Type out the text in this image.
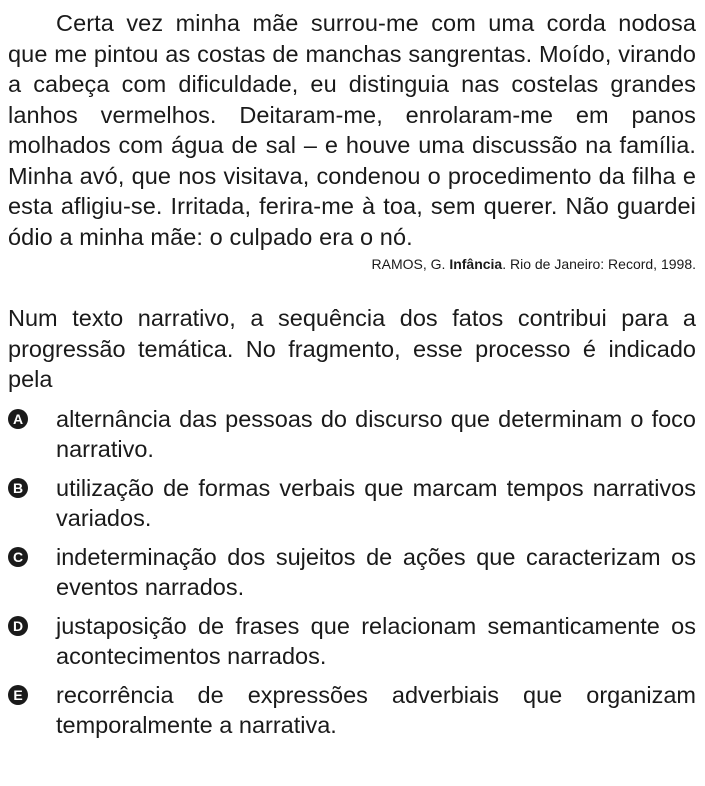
Certa vez minha mãe surrou-me com uma corda nodosa que me pintou as costas de manchas sangrentas. Moído, virando a cabeça com dificuldade, eu distinguia nas costelas grandes lanhos vermelhos. Deitaram-me, enrolaram-me em panos molhados com água de sal – e houve uma discussão na família. Minha avó, que nos visitava, condenou o procedimento da filha e esta afligiu-se. Irritada, ferira-me à toa, sem querer. Não guardei ódio a minha mãe: o culpado era o nó.

RAMOS, G. Infância. Rio de Janeiro: Record, 1998.

Num texto narrativo, a sequência dos fatos contribui para a progressão temática. No fragmento, esse processo é indicado pela

A alternância das pessoas do discurso que determinam o foco narrativo.
B utilização de formas verbais que marcam tempos narrativos variados.
C indeterminação dos sujeitos de ações que caracterizam os eventos narrados.
D justaposição de frases que relacionam semanticamente os acontecimentos narrados.
E recorrência de expressões adverbiais que organizam temporalmente a narrativa.
